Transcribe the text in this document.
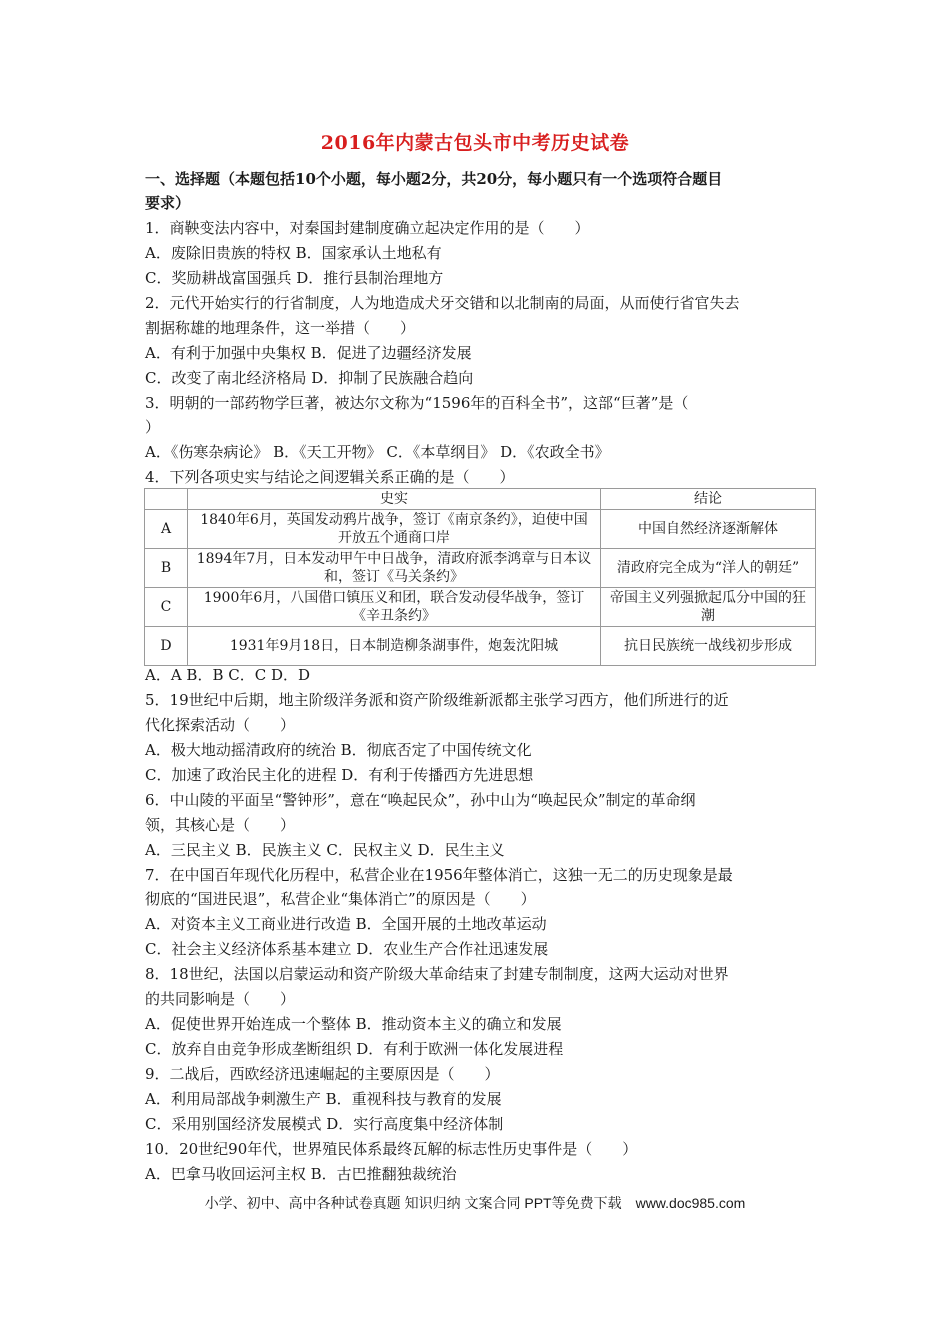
2016年内蒙古包头市中考历史试卷
一、选择题（本题包括10个小题，每小题2分，共20分，每小题只有一个选项符合题目
要求）
1．商鞅变法内容中，对秦国封建制度确立起决定作用的是（　　）
A．废除旧贵族的特权 B．国家承认土地私有
C．奖励耕战富国强兵 D．推行县制治理地方
2．元代开始实行的行省制度，人为地造成犬牙交错和以北制南的局面，从而使行省官失去
割据称雄的地理条件，这一举措（　　）
A．有利于加强中央集权 B．促进了边疆经济发展
C．改变了南北经济格局 D．抑制了民族融合趋向
3．明朝的一部药物学巨著，被达尔文称为“1596年的百科全书”，这部“巨著”是（
）
A．《伤寒杂病论》 B．《天工开物》 C．《本草纲目》 D．《农政全书》
4．下列各项史实与结论之间逻辑关系正确的是（　　）
	史实	结论
A	1840年6月，英国发动鸦片战争，签订《南京条约》，迫使中国开放五个通商口岸	中国自然经济逐渐解体
B	1894年7月，日本发动甲午中日战争，清政府派李鸿章与日本议和，签订《马关条约》	清政府完全成为“洋人的朝廷”
C	1900年6月，八国借口镇压义和团，联合发动侵华战争，签订《辛丑条约》	帝国主义列强掀起瓜分中国的狂潮
D	1931年9月18日，日本制造柳条湖事件，炮轰沈阳城	抗日民族统一战线初步形成
A．A B．B C．C D．D
5．19世纪中后期，地主阶级洋务派和资产阶级维新派都主张学习西方，他们所进行的近
代化探索活动（　　）
A．极大地动摇清政府的统治 B．彻底否定了中国传统文化
C．加速了政治民主化的进程 D．有利于传播西方先进思想
6．中山陵的平面呈“警钟形”，意在“唤起民众”，孙中山为“唤起民众”制定的革命纲
领，其核心是（　　）
A．三民主义 B．民族主义 C．民权主义 D．民生主义
7．在中国百年现代化历程中，私营企业在1956年整体消亡，这独一无二的历史现象是最
彻底的“国进民退”，私营企业“集体消亡”的原因是（　　）
A．对资本主义工商业进行改造 B．全国开展的土地改革运动
C．社会主义经济体系基本建立 D．农业生产合作社迅速发展
8．18世纪，法国以启蒙运动和资产阶级大革命结束了封建专制制度，这两大运动对世界
的共同影响是（　　）
A．促使世界开始连成一个整体 B．推动资本主义的确立和发展
C．放弃自由竞争形成垄断组织 D．有利于欧洲一体化发展进程
9．二战后，西欧经济迅速崛起的主要原因是（　　）
A．利用局部战争刺激生产 B．重视科技与教育的发展
C．采用别国经济发展模式 D．实行高度集中经济体制
10．20世纪90年代，世界殖民体系最终瓦解的标志性历史事件是（　　）
A．巴拿马收回运河主权 B．古巴推翻独裁统治
小学、初中、高中各种试卷真题 知识归纳 文案合同 PPT等免费下载　www.doc985.com
